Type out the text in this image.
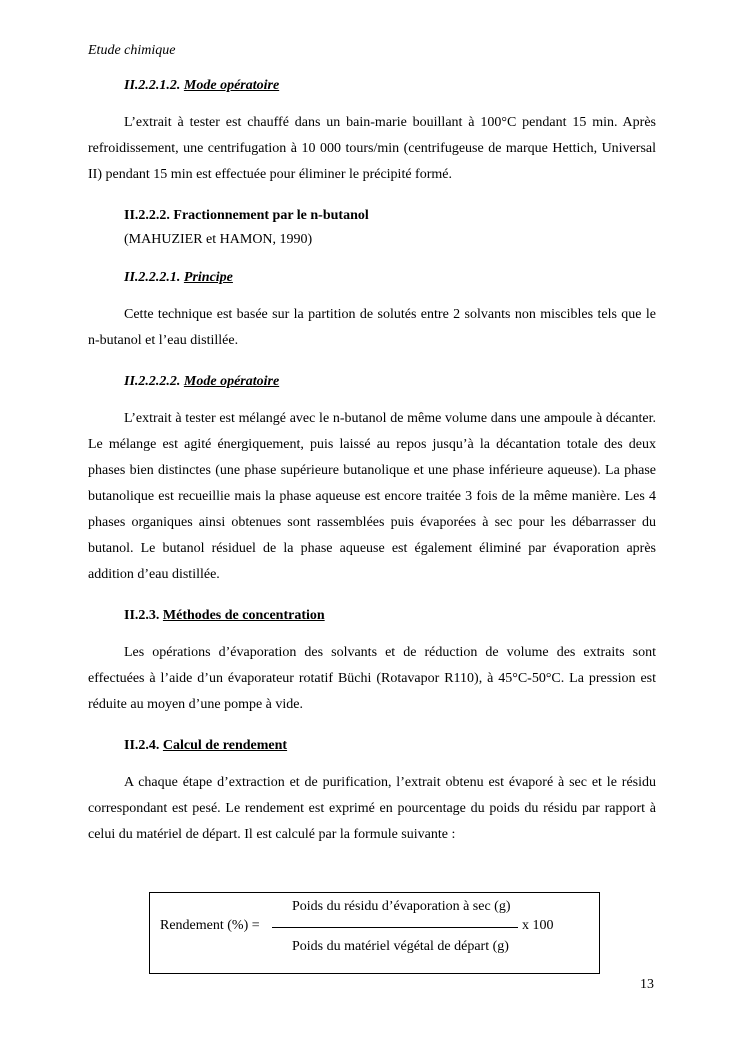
Etude chimique
II.2.2.1.2. Mode opératoire

L’extrait à tester est chauffé dans un bain-marie bouillant à 100°C pendant 15 min. Après refroidissement, une centrifugation à 10 000 tours/min (centrifugeuse de marque Hettich, Universal II) pendant 15 min est effectuée pour éliminer le précipité formé.

II.2.2.2. Fractionnement par le n-butanol
(MAHUZIER et HAMON, 1990)
II.2.2.2.1. Principe

Cette technique est basée sur la partition de solutés entre 2 solvants non miscibles tels que le n-butanol et l’eau distillée.

II.2.2.2.2. Mode opératoire

L’extrait à tester est mélangé avec le n-butanol de même volume dans une ampoule à décanter. Le mélange est agité énergiquement, puis laissé au repos jusqu’à la décantation totale des deux phases bien distinctes (une phase supérieure butanolique et une phase inférieure aqueuse). La phase butanolique est recueillie mais la phase aqueuse est encore traitée 3 fois de la même manière. Les 4 phases organiques ainsi obtenues sont rassemblées puis évaporées à sec pour les débarrasser du butanol. Le butanol résiduel de la phase aqueuse est également éliminé par évaporation après addition d’eau distillée.

II.2.3. Méthodes de concentration

Les opérations d’évaporation des solvants et de réduction de volume des extraits sont effectuées à l’aide d’un évaporateur rotatif Büchi (Rotavapor R110), à 45°C-50°C. La pression est réduite au moyen d’une pompe à vide.

II.2.4. Calcul de rendement

A chaque étape d’extraction et de purification, l’extrait obtenu est évaporé à sec et le résidu correspondant est pesé. Le rendement est exprimé en pourcentage du poids du résidu par rapport à celui du matériel de départ. Il est calculé par la formule suivante :

Rendement (%) =
Poids du résidu d’évaporation à sec (g)
x 100
Poids du matériel végétal de départ (g)
13
